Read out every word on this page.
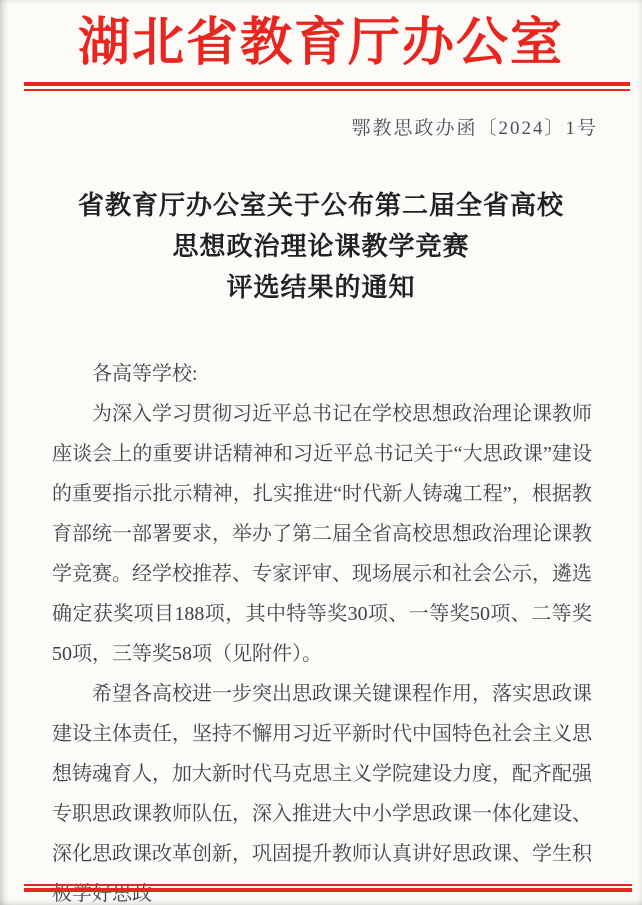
湖北省教育厅办公室
鄂教思政办函〔2024〕1号
省教育厅办公室关于公布第二届全省高校
思想政治理论课教学竞赛
评选结果的通知

各高等学校:

为深入学习贯彻习近平总书记在学校思想政治理论课教师座谈会上的重要讲话精神和习近平总书记关于“大思政课”建设的重要指示批示精神，扎实推进“时代新人铸魂工程”，根据教育部统一部署要求，举办了第二届全省高校思想政治理论课教学竞赛。经学校推荐、专家评审、现场展示和社会公示，遴选确定获奖项目188项，其中特等奖30项、一等奖50项、二等奖50项，三等奖58项（见附件）。

希望各高校进一步突出思政课关键课程作用，落实思政课建设主体责任，坚持不懈用习近平新时代中国特色社会主义思想铸魂育人，加大新时代马克思主义学院建设力度，配齐配强专职思政课教师队伍，深入推进大中小学思政课一体化建设、深化思政课改革创新，巩固提升教师认真讲好思政课、学生积极学好思政
